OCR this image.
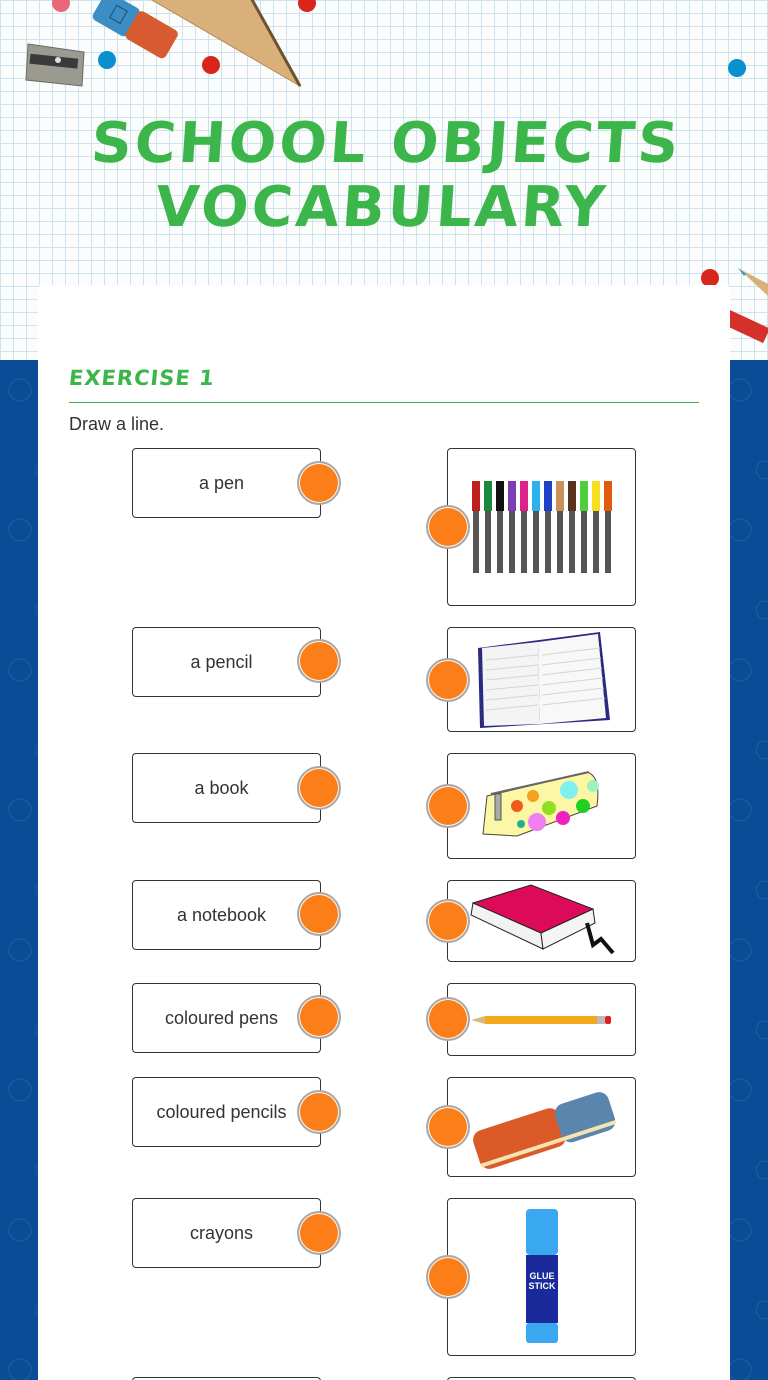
SCHOOL OBJECTS
VOCABULARY
EXERCISE 1
Draw a line.
a pen
a pencil
a book
a notebook
coloured pens
coloured pencils
crayons
GLUE
STICK
